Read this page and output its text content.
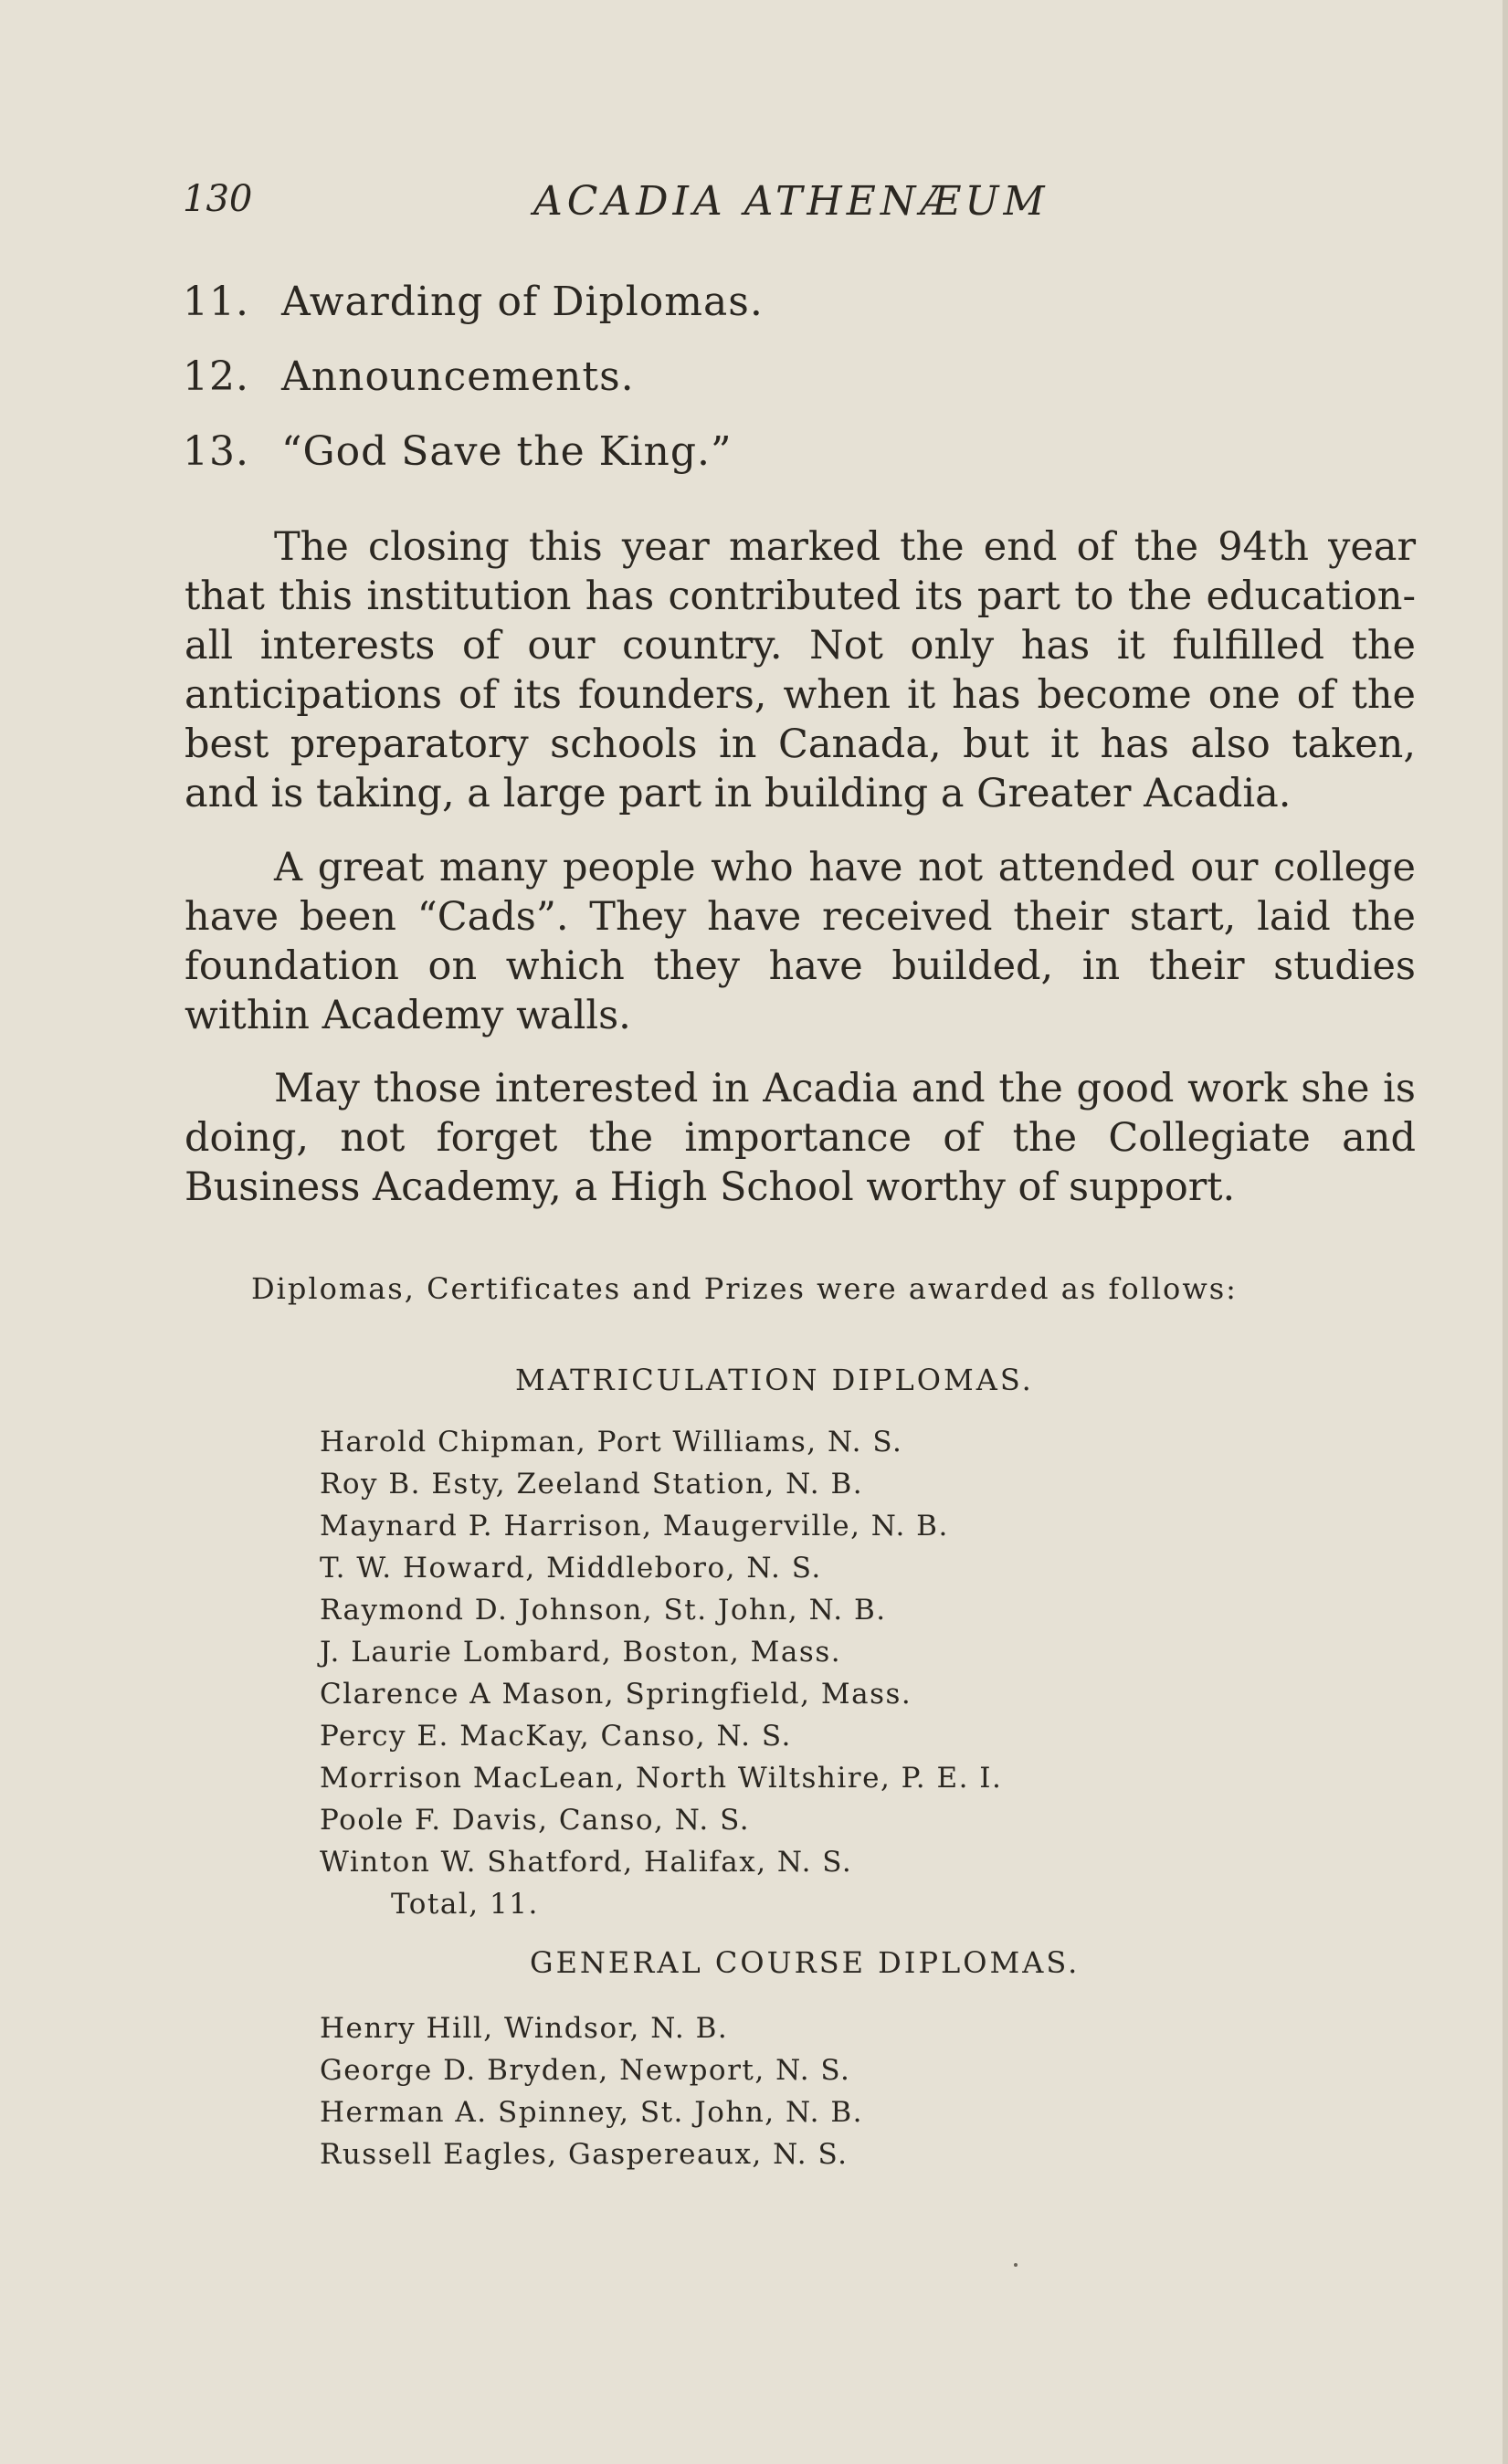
130	ACADIA ATHENÆUM
11. Awarding of Diplomas.
12. Announcements.
13. “God Save the King.”

The closing this year marked the end of the 94th year that this institution has contributed its part to the education-all interests of our country. Not only has it fulfilled the anticipations of its founders, when it has become one of the best preparatory schools in Canada, but it has also taken, and is taking, a large part in building a Greater Acadia.

A great many people who have not attended our college have been “Cads”. They have received their start, laid the foundation on which they have builded, in their studies within Academy walls.

May those interested in Acadia and the good work she is doing, not forget the importance of the Collegiate and Business Academy, a High School worthy of support.

Diplomas, Certificates and Prizes were awarded as follows:
MATRICULATION DIPLOMAS.
Harold Chipman, Port Williams, N. S.
Roy B. Esty, Zeeland Station, N. B.
Maynard P. Harrison, Maugerville, N. B.
T. W. Howard, Middleboro, N. S.
Raymond D. Johnson, St. John, N. B.
J. Laurie Lombard, Boston, Mass.
Clarence A Mason, Springfield, Mass.
Percy E. MacKay, Canso, N. S.
Morrison MacLean, North Wiltshire, P. E. I.
Poole F. Davis, Canso, N. S.
Winton W. Shatford, Halifax, N. S.
Total, 11.
GENERAL COURSE DIPLOMAS.
Henry Hill, Windsor, N. B.
George D. Bryden, Newport, N. S.
Herman A. Spinney, St. John, N. B.
Russell Eagles, Gaspereaux, N. S.
